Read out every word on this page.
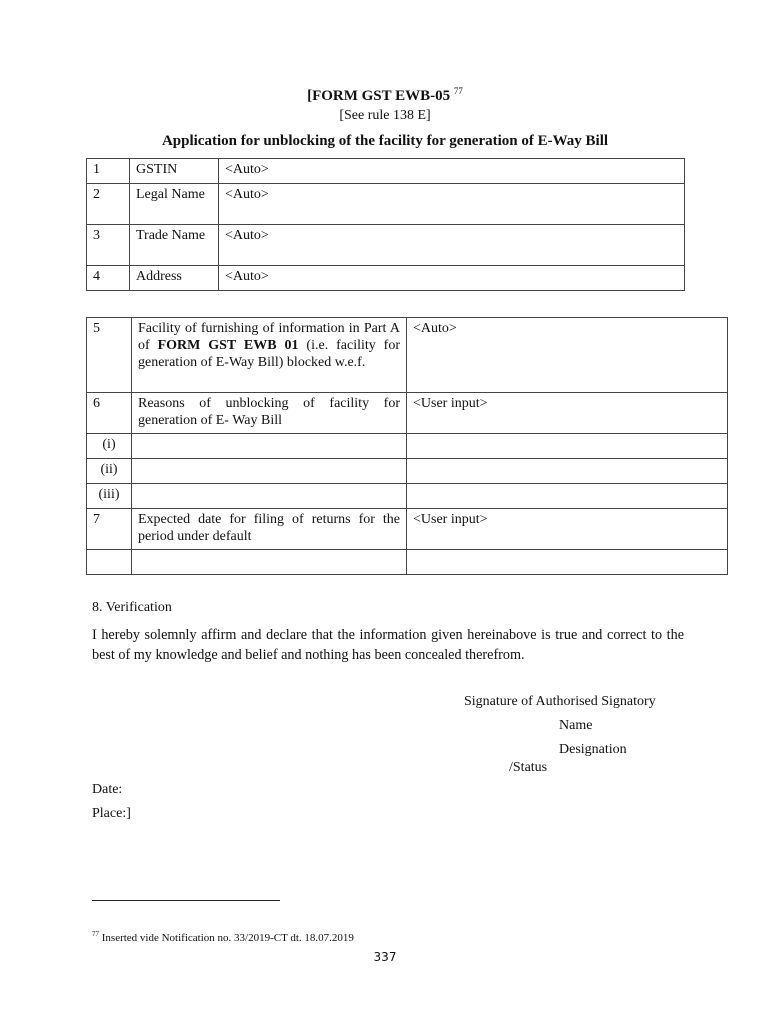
[FORM GST EWB-05 $^{77}$
[See rule 138 E]
Application for unblocking of the facility for generation of E-Way Bill
1	GSTIN	<Auto>
2	Legal Name	<Auto>
3	Trade Name	<Auto>
4	Address	<Auto>
5	Facility of furnishing of information in Part A of FORM GST EWB 01 (i.e. facility for generation of E-Way Bill) blocked w.e.f.	<Auto>
6	Reasons of unblocking of facility for generation of E- Way Bill	<User input>
(i)		
(ii)		
(iii)		
7	Expected date for filing of returns for the period under default	<User input>

8. Verification
I hereby solemnly affirm and declare that the information given hereinabove is true and correct to the best of my knowledge and belief and nothing has been concealed therefrom.
Signature of Authorised Signatory
Name
Designation
/Status
Date:
Place:]
$^{77}$ Inserted vide Notification no. 33/2019-CT dt. 18.07.2019
337
